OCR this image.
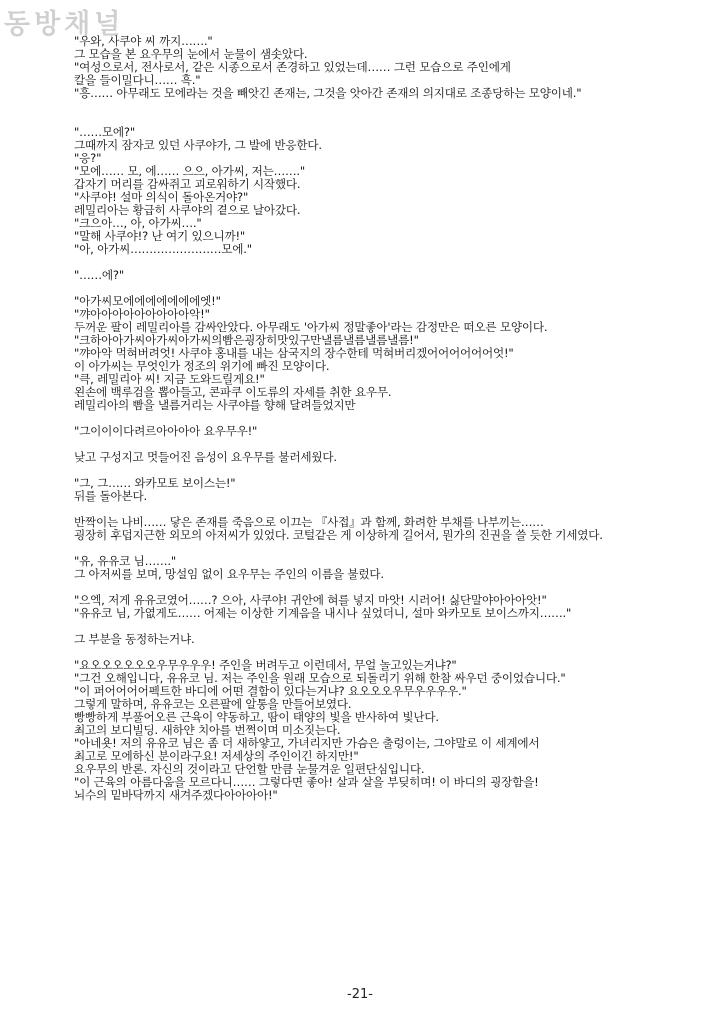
동방채널
"우와, 사쿠야 씨 까지……."
그 모습을 본 요우무의 눈에서 눈물이 샘솟았다.
"여성으로서, 전사로서, 같은 시종으로서 존경하고 있었는데…… 그런 모습으로 주인에게
칼을 들이밀다니…… 흑."
"흥…… 아무래도 모에라는 것을 빼앗긴 존재는, 그것을 앗아간 존재의 의지대로 조종당하는 모양이네."
"……모에?"
그때까지 잠자코 있던 사쿠야가, 그 발에 반응한다.
"응?"
"모에…… 모, 에…… 으으, 아가씨, 저는……."
갑자기 머리를 감싸쥐고 괴로워하기 시작했다.
"사쿠야! 설마 의식이 돌아온거야?"
레밀리아는 황급히 사쿠야의 곁으로 날아갔다.
"크으아…, 아, 아가씨…."
"말해 사쿠야!? 난 여기 있으니까!"
"아, 아가씨……………………모에."
"……에?"
"아가씨모에에에에에에에엣!"
"꺄아아아아아아아아아악!"
두꺼운 팔이 레밀리아를 감싸안았다. 아무래도 '아가씨 정말좋아'라는 감정만은 떠오른 모양이다.
"크하아아가씨아가씨아가씨의빰은굉장히맛있구만낼름낼름낼름낼름!"
"꺄아악 먹혀버려엇! 사쿠야 홍내를 내는 삼국지의 장수한테 먹혀버리겠어어어어어어엇!"
이 아가씨는 무엇인가 정조의 위기에 빠진 모양이다.
"큭, 레밀리아 씨! 지금 도와드릴게요!"
왼손에 백루검을 뽑아들고, 콘파쿠 이도류의 자세를 취한 요우무.
레밀리아의 빰을 낼름거리는 사쿠야를 향해 달려들었지만
"그이이이다려르아아아아 요우무우!"
낮고 구성지고 멋들어진 음성이 요우무를 불러세웠다.
"그, 그…… 와카모토 보이스는!"
뒤를 돌아본다.
반짝이는 나비…… 닿은 존재를 죽음으로 이끄는 『사접』과 함께, 화려한 부채를 나부끼는……
굉장히 후덥지근한 외모의 아저씨가 있었다. 코털같은 게 이상하게 길어서, 뭔가의 진권을 쓸 듯한 기세였다.
"유, 유유코 님……."
그 아저씨를 보며, 망설임 없이 요우무는 주인의 이름을 불렀다.
"으엑, 저게 유유코였어……? 으아, 사쿠야! 귀안에 혀를 넣지 마앗! 시러어! 싫단말야아아아앗!"
"유유코 님, 가엾게도…… 어제는 이상한 기계음을 내시나 싶었더니, 설마 와카모토 보이스까지……."
그 부분을 동정하는거냐.
"요오오오오오오우무우우우! 주인을 버려두고 이런데서, 무얼 놀고있는거냐?"
"그건 오해입니다, 유유코 님. 저는 주인을 원래 모습으로 되돌리기 위해 한참 싸우던 중이었습니다."
"이 퍼어어어어펙트한 바디에 어떤 결함이 있다는거냐? 요오오오우무우우우우."
그렇게 말하며, 유유코는 오른팔에 알통을 만들어보였다.
빵빵하게 부풀어오른 근육이 약동하고, 땀이 태양의 빛을 반사하여 빛난다.
최고의 보디빌딩. 새하얀 치아를 번쩍이며 미소짓는다.
"아네욧! 저의 유유코 님은 좀 더 새하얗고, 가녀리지만 가슴은 출렁이는, 그야말로 이 세계에서
최고로 모에하신 분이라구요! 저세상의 주인이긴 하지만!"
요우무의 반론. 자신의 것이라고 단언할 만큼 눈물겨운 일편단심입니다.
"이 근육의 아름다움을 모르다니…… 그렇다면 좋아! 살과 살을 부딪히며! 이 바디의 굉장함을!
뇌수의 밑바닥까지 새겨주겠다아아아아!"
-21-
